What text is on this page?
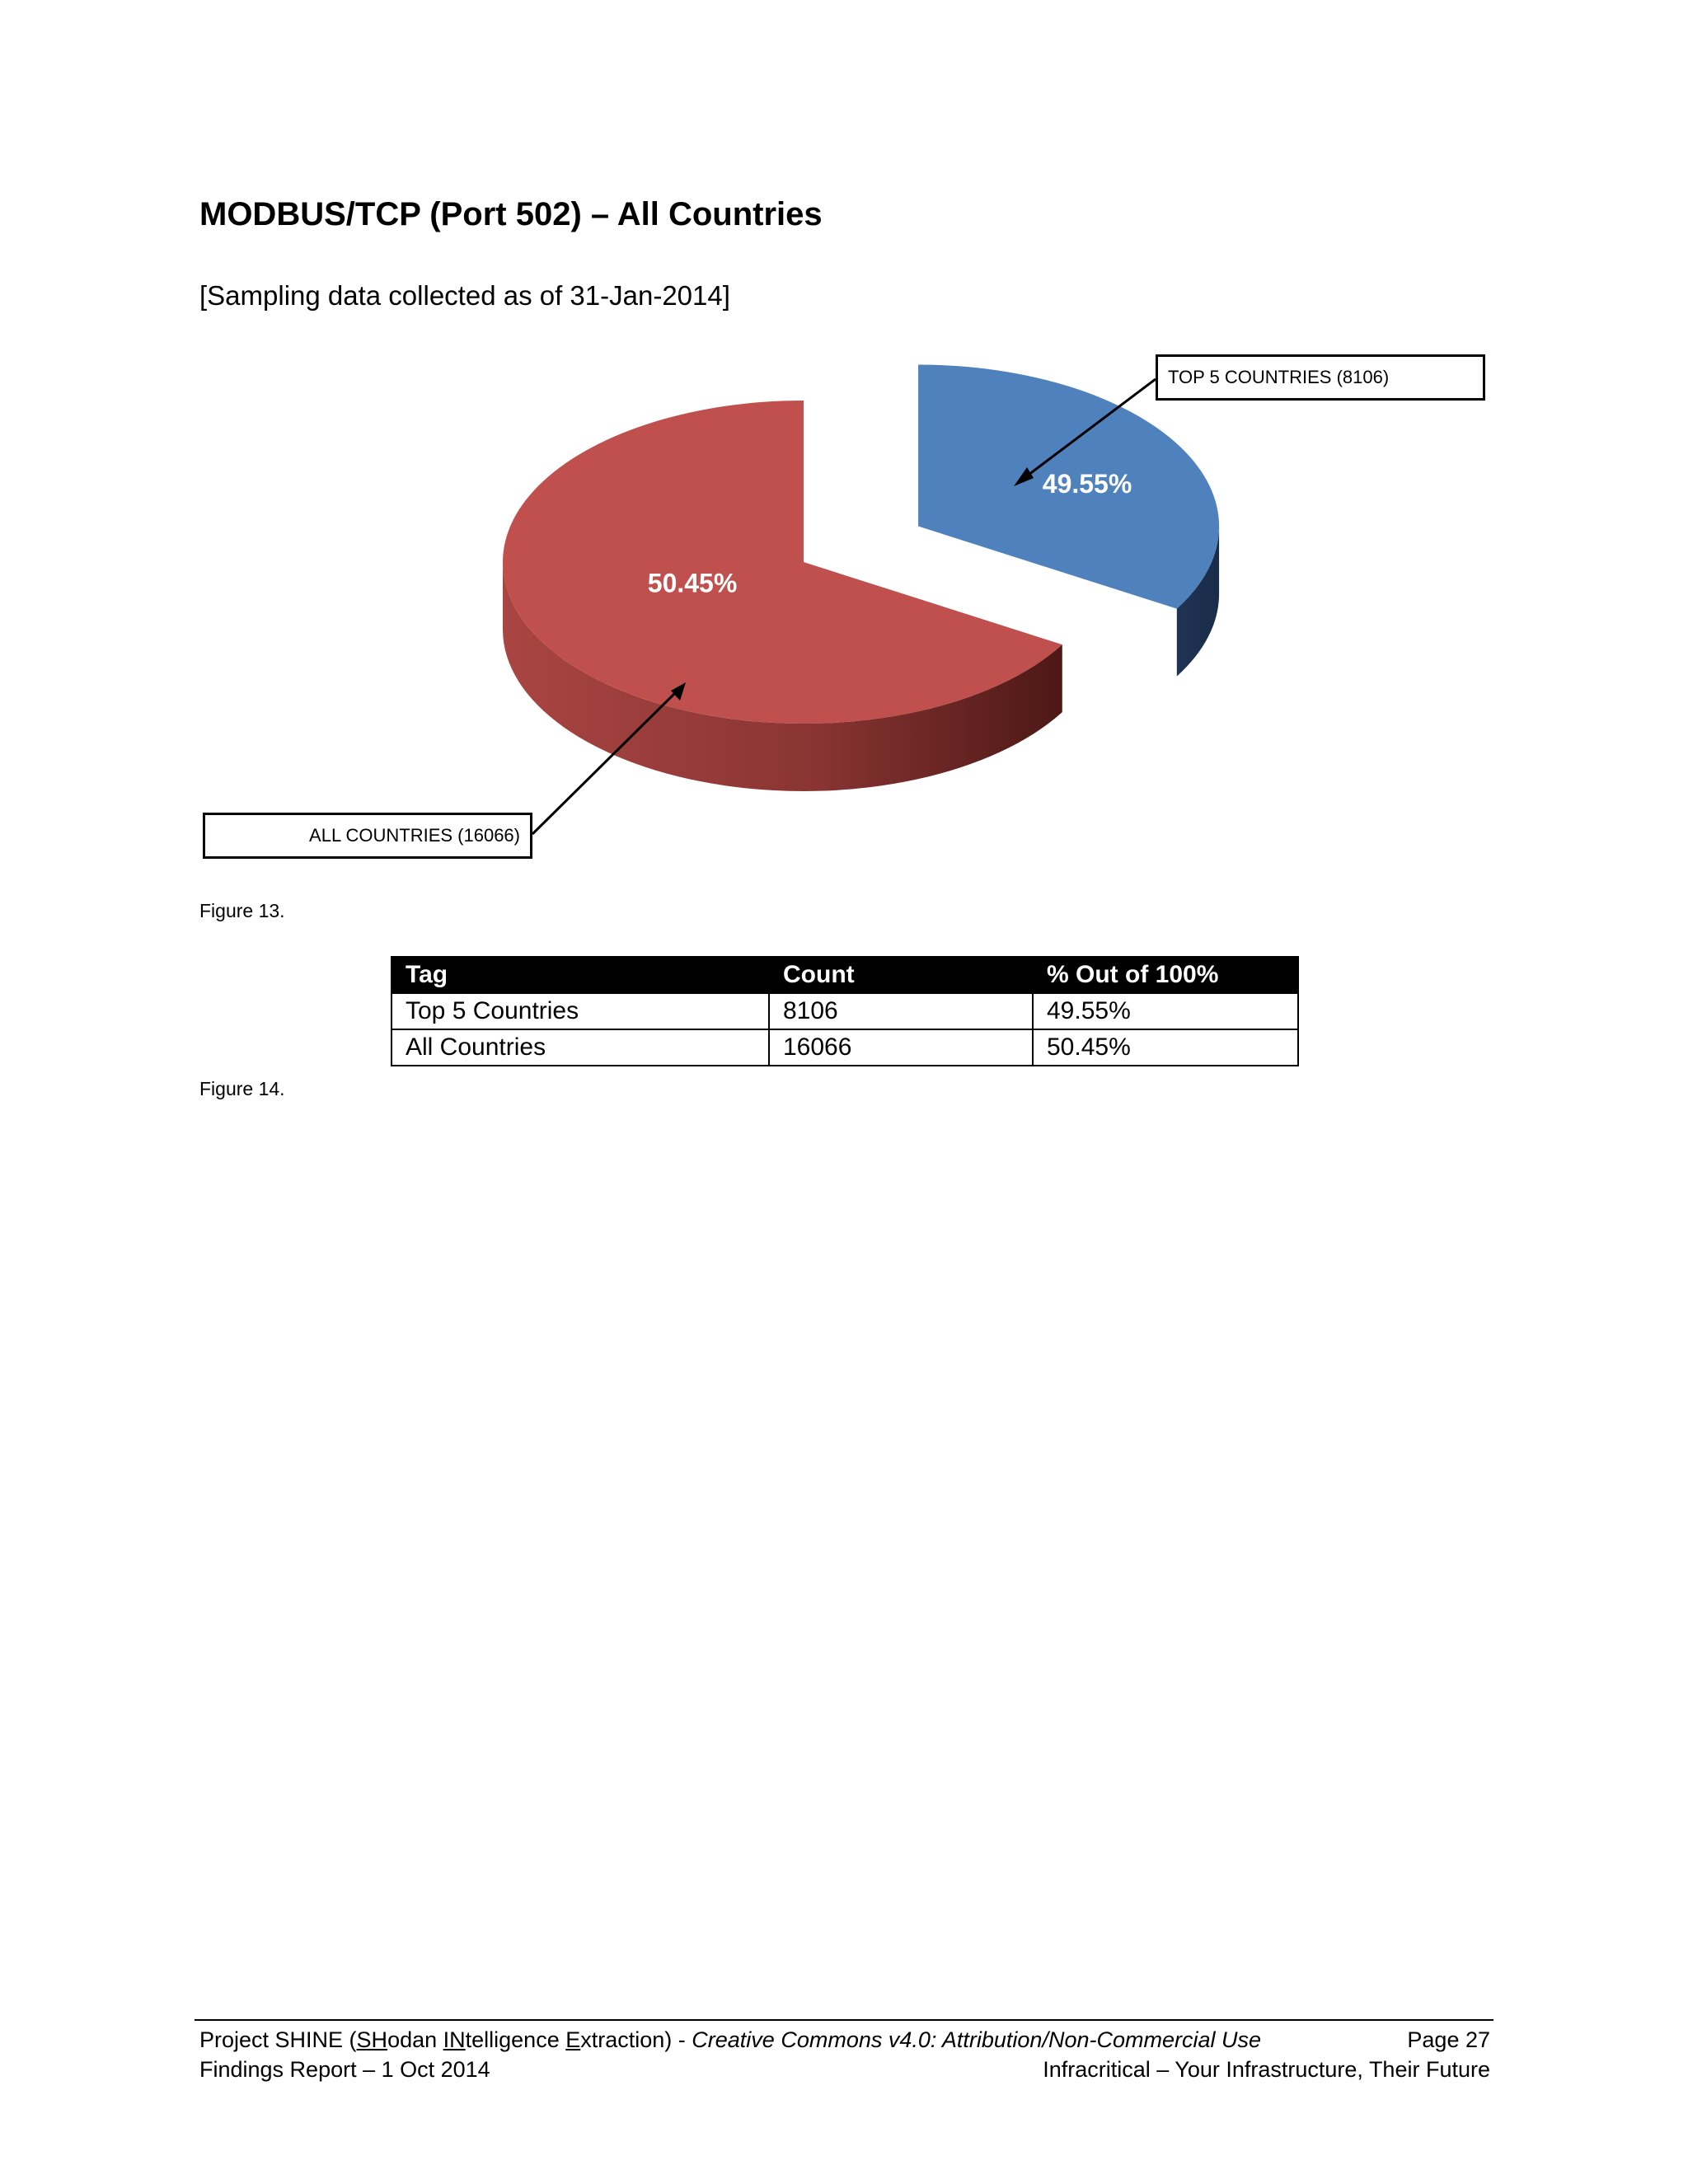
MODBUS/TCP (Port 502) – All Countries
[Sampling data collected as of 31-Jan-2014]
49.55%
50.45%
TOP 5 COUNTRIES (8106)
ALL COUNTRIES (16066)
Figure 13.
Tag	Count	% Out of 100%
Top 5 Countries	8106	49.55%
All Countries	16066	50.45%
Figure 14.
Project SHINE (SHodan INtelligence Extraction) - Creative Commons v4.0: Attribution/Non-Commercial Use	Page 27
Findings Report – 1 Oct 2014	Infracritical – Your Infrastructure, Their Future
